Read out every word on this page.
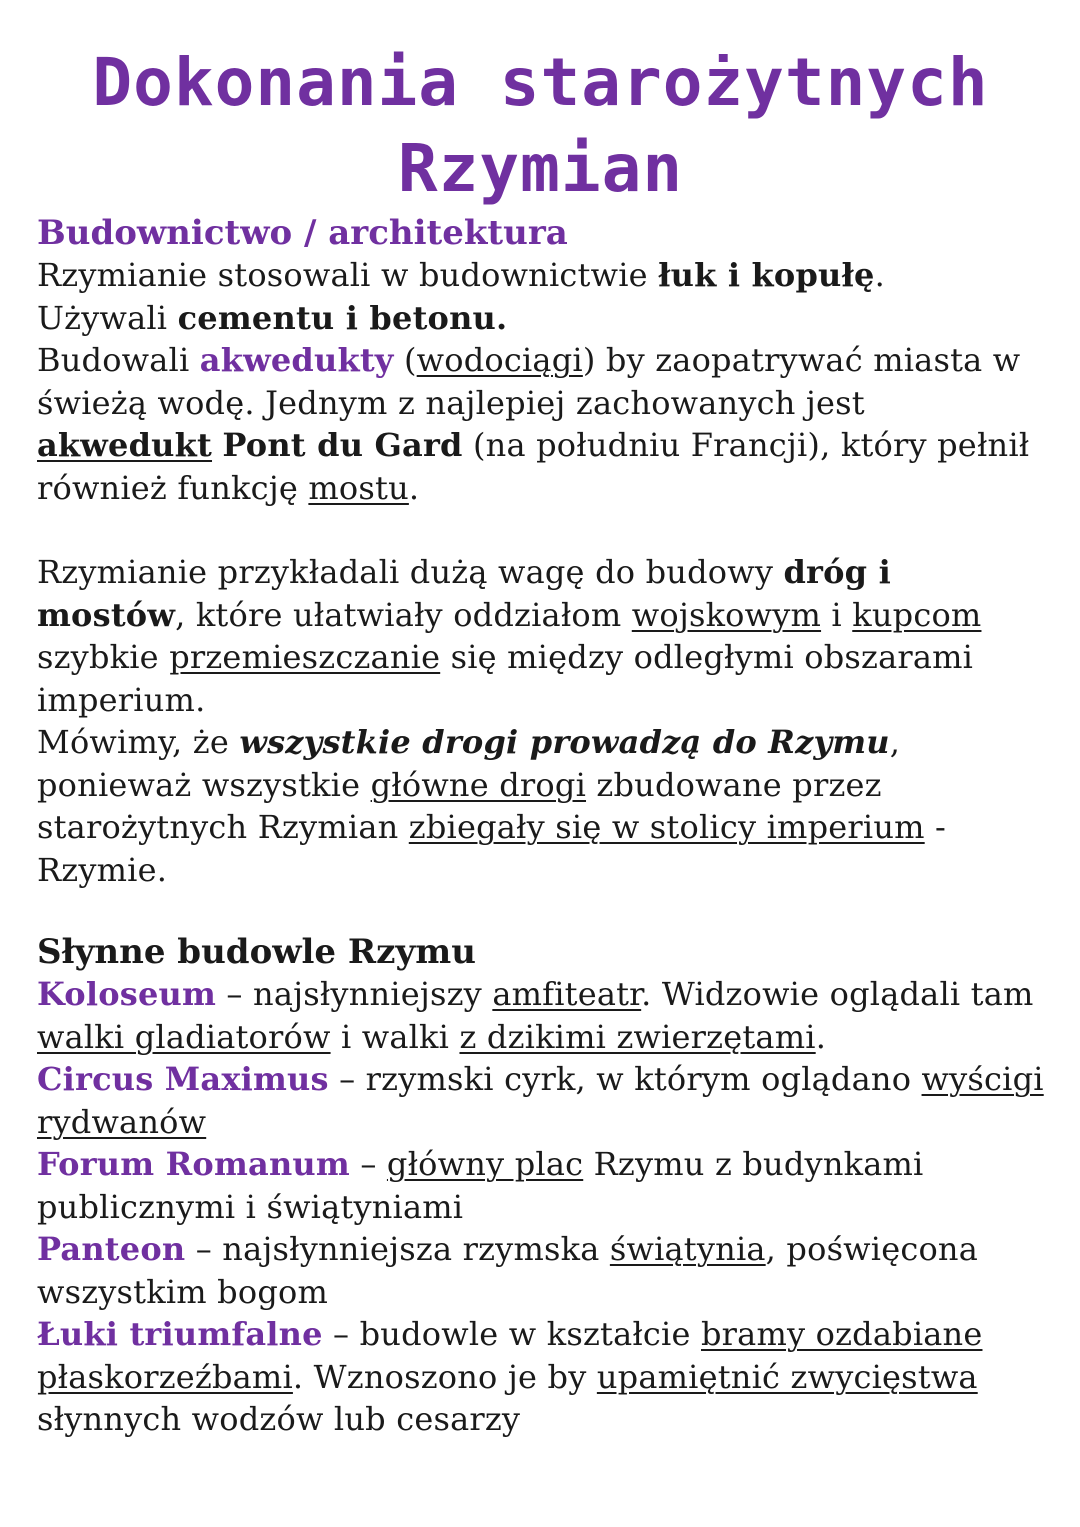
Dokonania starożytnych
Rzymian
Budownictwo / architektura

Rzymianie stosowali w budownictwie łuk i kopułę.

Używali cementu i betonu.

Budowali akwedukty (wodociągi) by zaopatrywać miasta w świeżą wodę. Jednym z najlepiej zachowanych jest akwedukt Pont du Gard (na południu Francji), który pełnił również funkcję mostu.

Rzymianie przykładali dużą wagę do budowy dróg i mostów, które ułatwiały oddziałom wojskowym i kupcom szybkie przemieszczanie się między odległymi obszarami imperium.

Mówimy, że wszystkie drogi prowadzą do Rzymu, ponieważ wszystkie główne drogi zbudowane przez starożytnych Rzymian zbiegały się w stolicy imperium - Rzymie.

Słynne budowle Rzymu

Koloseum – najsłynniejszy amfiteatr. Widzowie oglądali tam walki gladiatorów i walki z dzikimi zwierzętami.

Circus Maximus – rzymski cyrk, w którym oglądano wyścigi rydwanów

Forum Romanum – główny plac Rzymu z budynkami publicznymi i świątyniami

Panteon – najsłynniejsza rzymska świątynia, poświęcona wszystkim bogom

Łuki triumfalne – budowle w kształcie bramy ozdabiane płaskorzeźbami. Wznoszono je by upamiętnić zwycięstwa słynnych wodzów lub cesarzy
